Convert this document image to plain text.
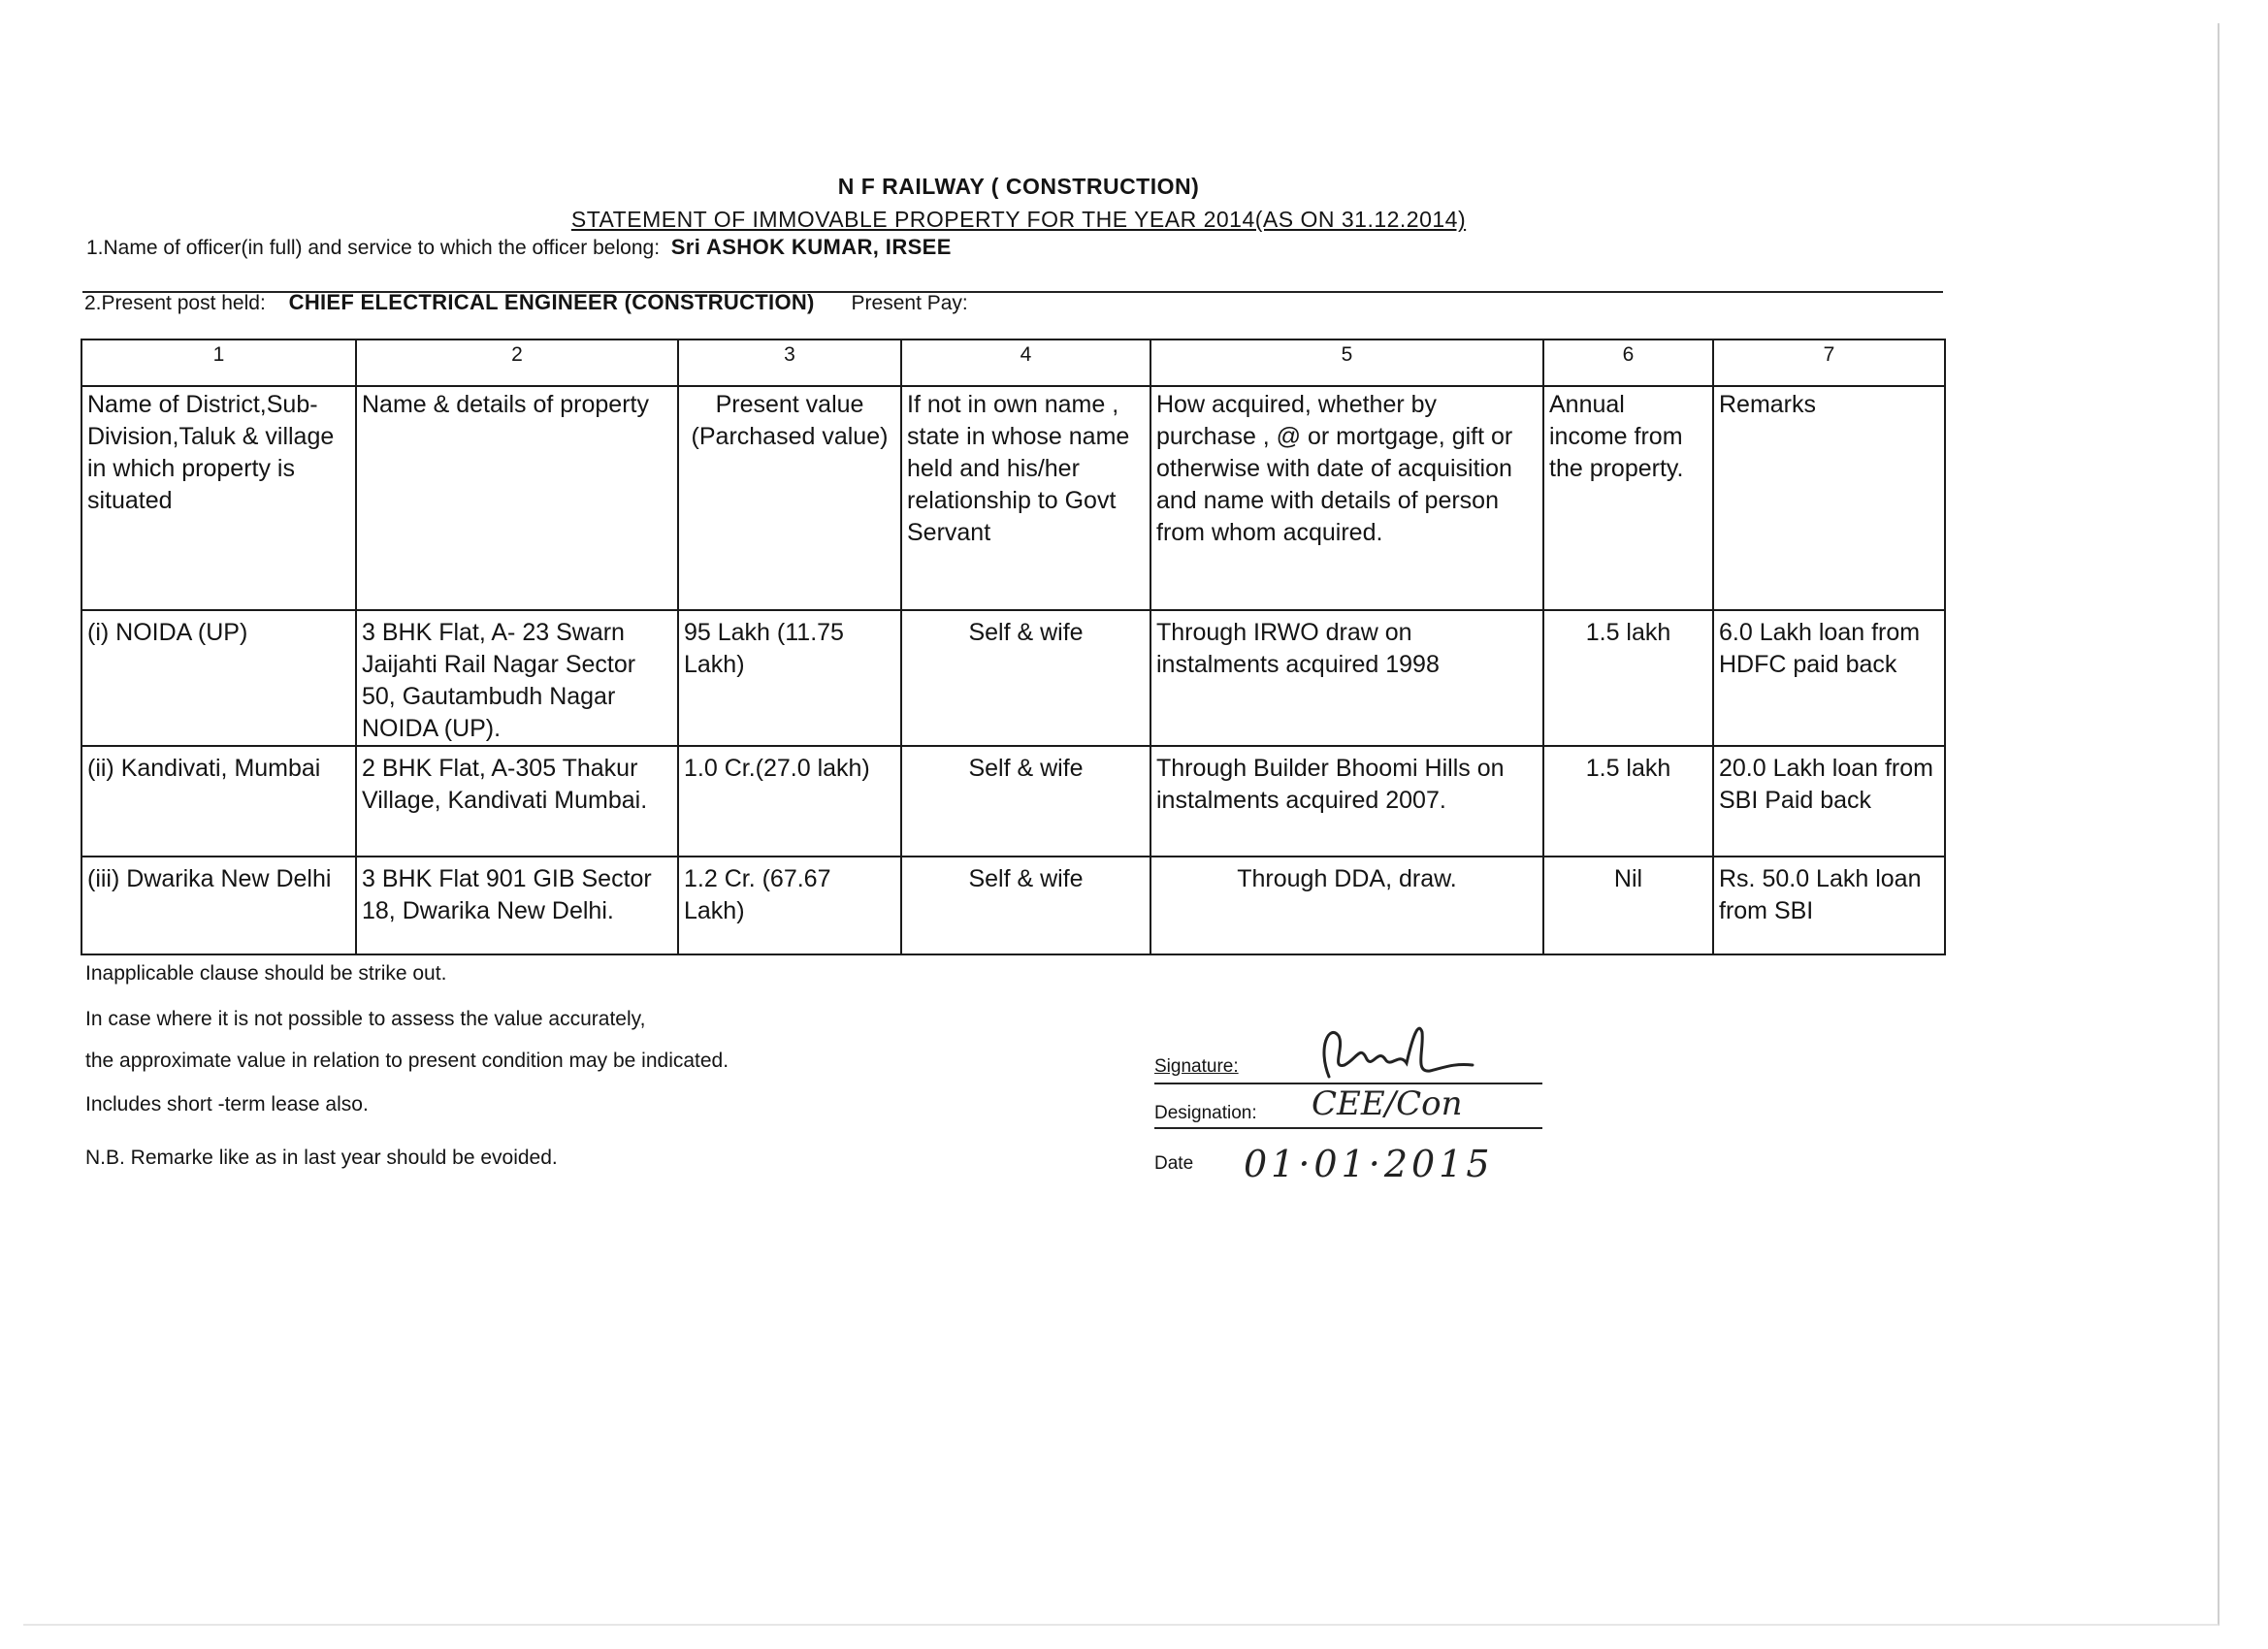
N F RAILWAY ( CONSTRUCTION)
STATEMENT OF IMMOVABLE PROPERTY FOR THE YEAR 2014(AS ON 31.12.2014)
1.Name of officer(in full) and service to which the officer belong: Sri ASHOK KUMAR, IRSEE
2.Present post held: CHIEF ELECTRICAL ENGINEER (CONSTRUCTION) Present Pay:
1	2	3	4	5	6	7
Name of District,Sub-Division,Taluk & village in which property is situated	Name & details of property	Present value (Parchased value)	If not in own name , state in whose name held and his/her relationship to Govt Servant	How acquired, whether by purchase , @ or mortgage, gift or otherwise with date of acquisition and name with details of person from whom acquired.	Annual income from the property.	Remarks
(i) NOIDA (UP)	3 BHK Flat, A- 23 Swarn Jaijahti Rail Nagar Sector 50, Gautambudh Nagar NOIDA (UP).	95 Lakh (11.75 Lakh)	Self & wife	Through IRWO draw on instalments acquired 1998	1.5 lakh	6.0 Lakh loan from HDFC paid back
(ii) Kandivati, Mumbai	2 BHK Flat, A-305 Thakur Village, Kandivati Mumbai.	1.0 Cr.(27.0 lakh)	Self & wife	Through Builder Bhoomi Hills on instalments acquired 2007.	1.5 lakh	20.0 Lakh loan from SBI Paid back
(iii) Dwarika New Delhi	3 BHK Flat 901 GIB Sector 18, Dwarika New Delhi.	1.2 Cr. (67.67 Lakh)	Self & wife	Through DDA, draw.	Nil	Rs. 50.0 Lakh loan from SBI
Inapplicable clause should be strike out.
In case where it is not possible to assess the value accurately,
the approximate value in relation to present condition may be indicated.
Includes short -term lease also.
N.B. Remarke like as in last year should be evoided.
Signature:
Designation: CEE/Con
Date 01·01·2015
